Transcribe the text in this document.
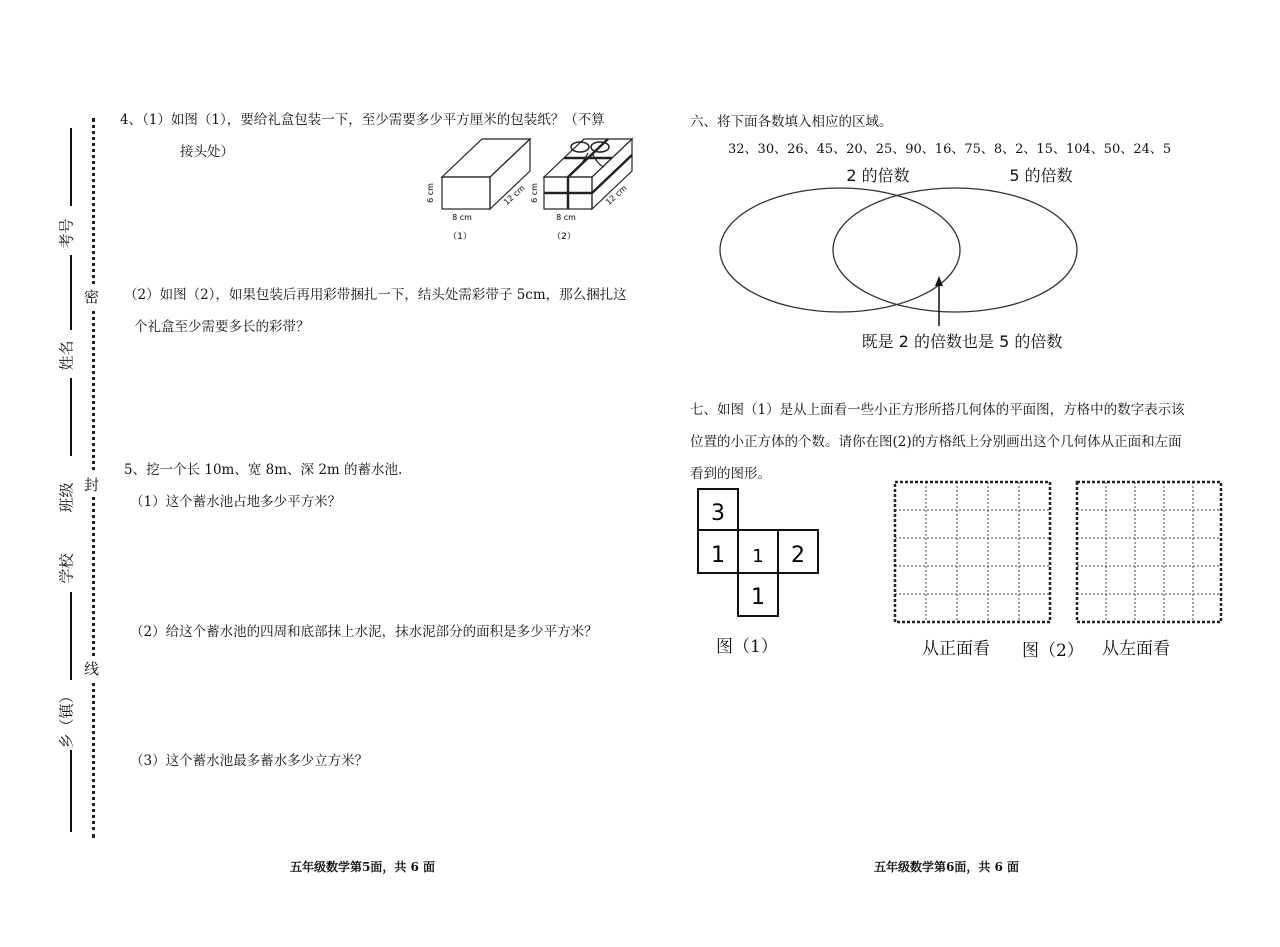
考号
姓名
班级
学校
乡（镇）
密
封
线
4、（1）如图（1），要给礼盒包装一下，至少需要多少平方厘米的包装纸？（不算
接头处）
6 cm
8 cm
12 cm
（1）
6 cm
8 cm
12 cm
（2）
（2）如图（2），如果包装后再用彩带捆扎一下，结头处需彩带子 5cm，那么捆扎这
个礼盒至少需要多长的彩带？
5、挖一个长 10m、宽 8m、深 2m 的蓄水池.
（1）这个蓄水池占地多少平方米？
（2）给这个蓄水池的四周和底部抹上水泥，抹水泥部分的面积是多少平方米？
（3）这个蓄水池最多蓄水多少立方米？
五年级数学第5面，共 6 面
六、将下面各数填入相应的区域。
32、30、26、45、20、25、90、16、75、8、2、15、104、50、24、5
2 的倍数	5 的倍数
既是 2 的倍数也是 5 的倍数
七、如图（1）是从上面看一些小正方形所搭几何体的平面图，方格中的数字表示该
位置的小正方体的个数。请你在图(2)的方格纸上分别画出这个几何体从正面和左面
看到的图形。
3
1 1 2
1
图（1）	从正面看 图（2） 从左面看
五年级数学第6面，共 6 面
